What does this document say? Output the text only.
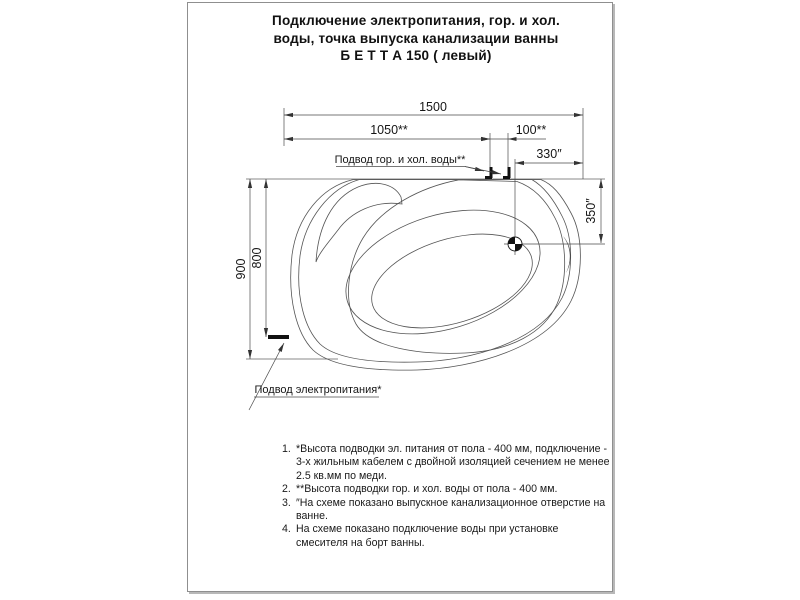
Подключение электропитания, гор. и хол.
воды, точка выпуска канализации ванны
Б Е Т Т А 150 ( левый)
1500
1050**	100**
330″
350″
900
800
Подвод гор. и хол. воды**
Подвод электропитания*
1. *Высота подводки эл. питания от пола - 400 мм, подключение - 3-х жильным кабелем с двойной изоляцией сечением не менее 2.5 кв.мм по меди.
2. **Высота подводки гор. и хол. воды от пола - 400 мм.
3. ″На схеме показано выпускное канализационное отверстие на ванне.
4. На схеме показано подключение воды при установке смесителя на борт ванны.
